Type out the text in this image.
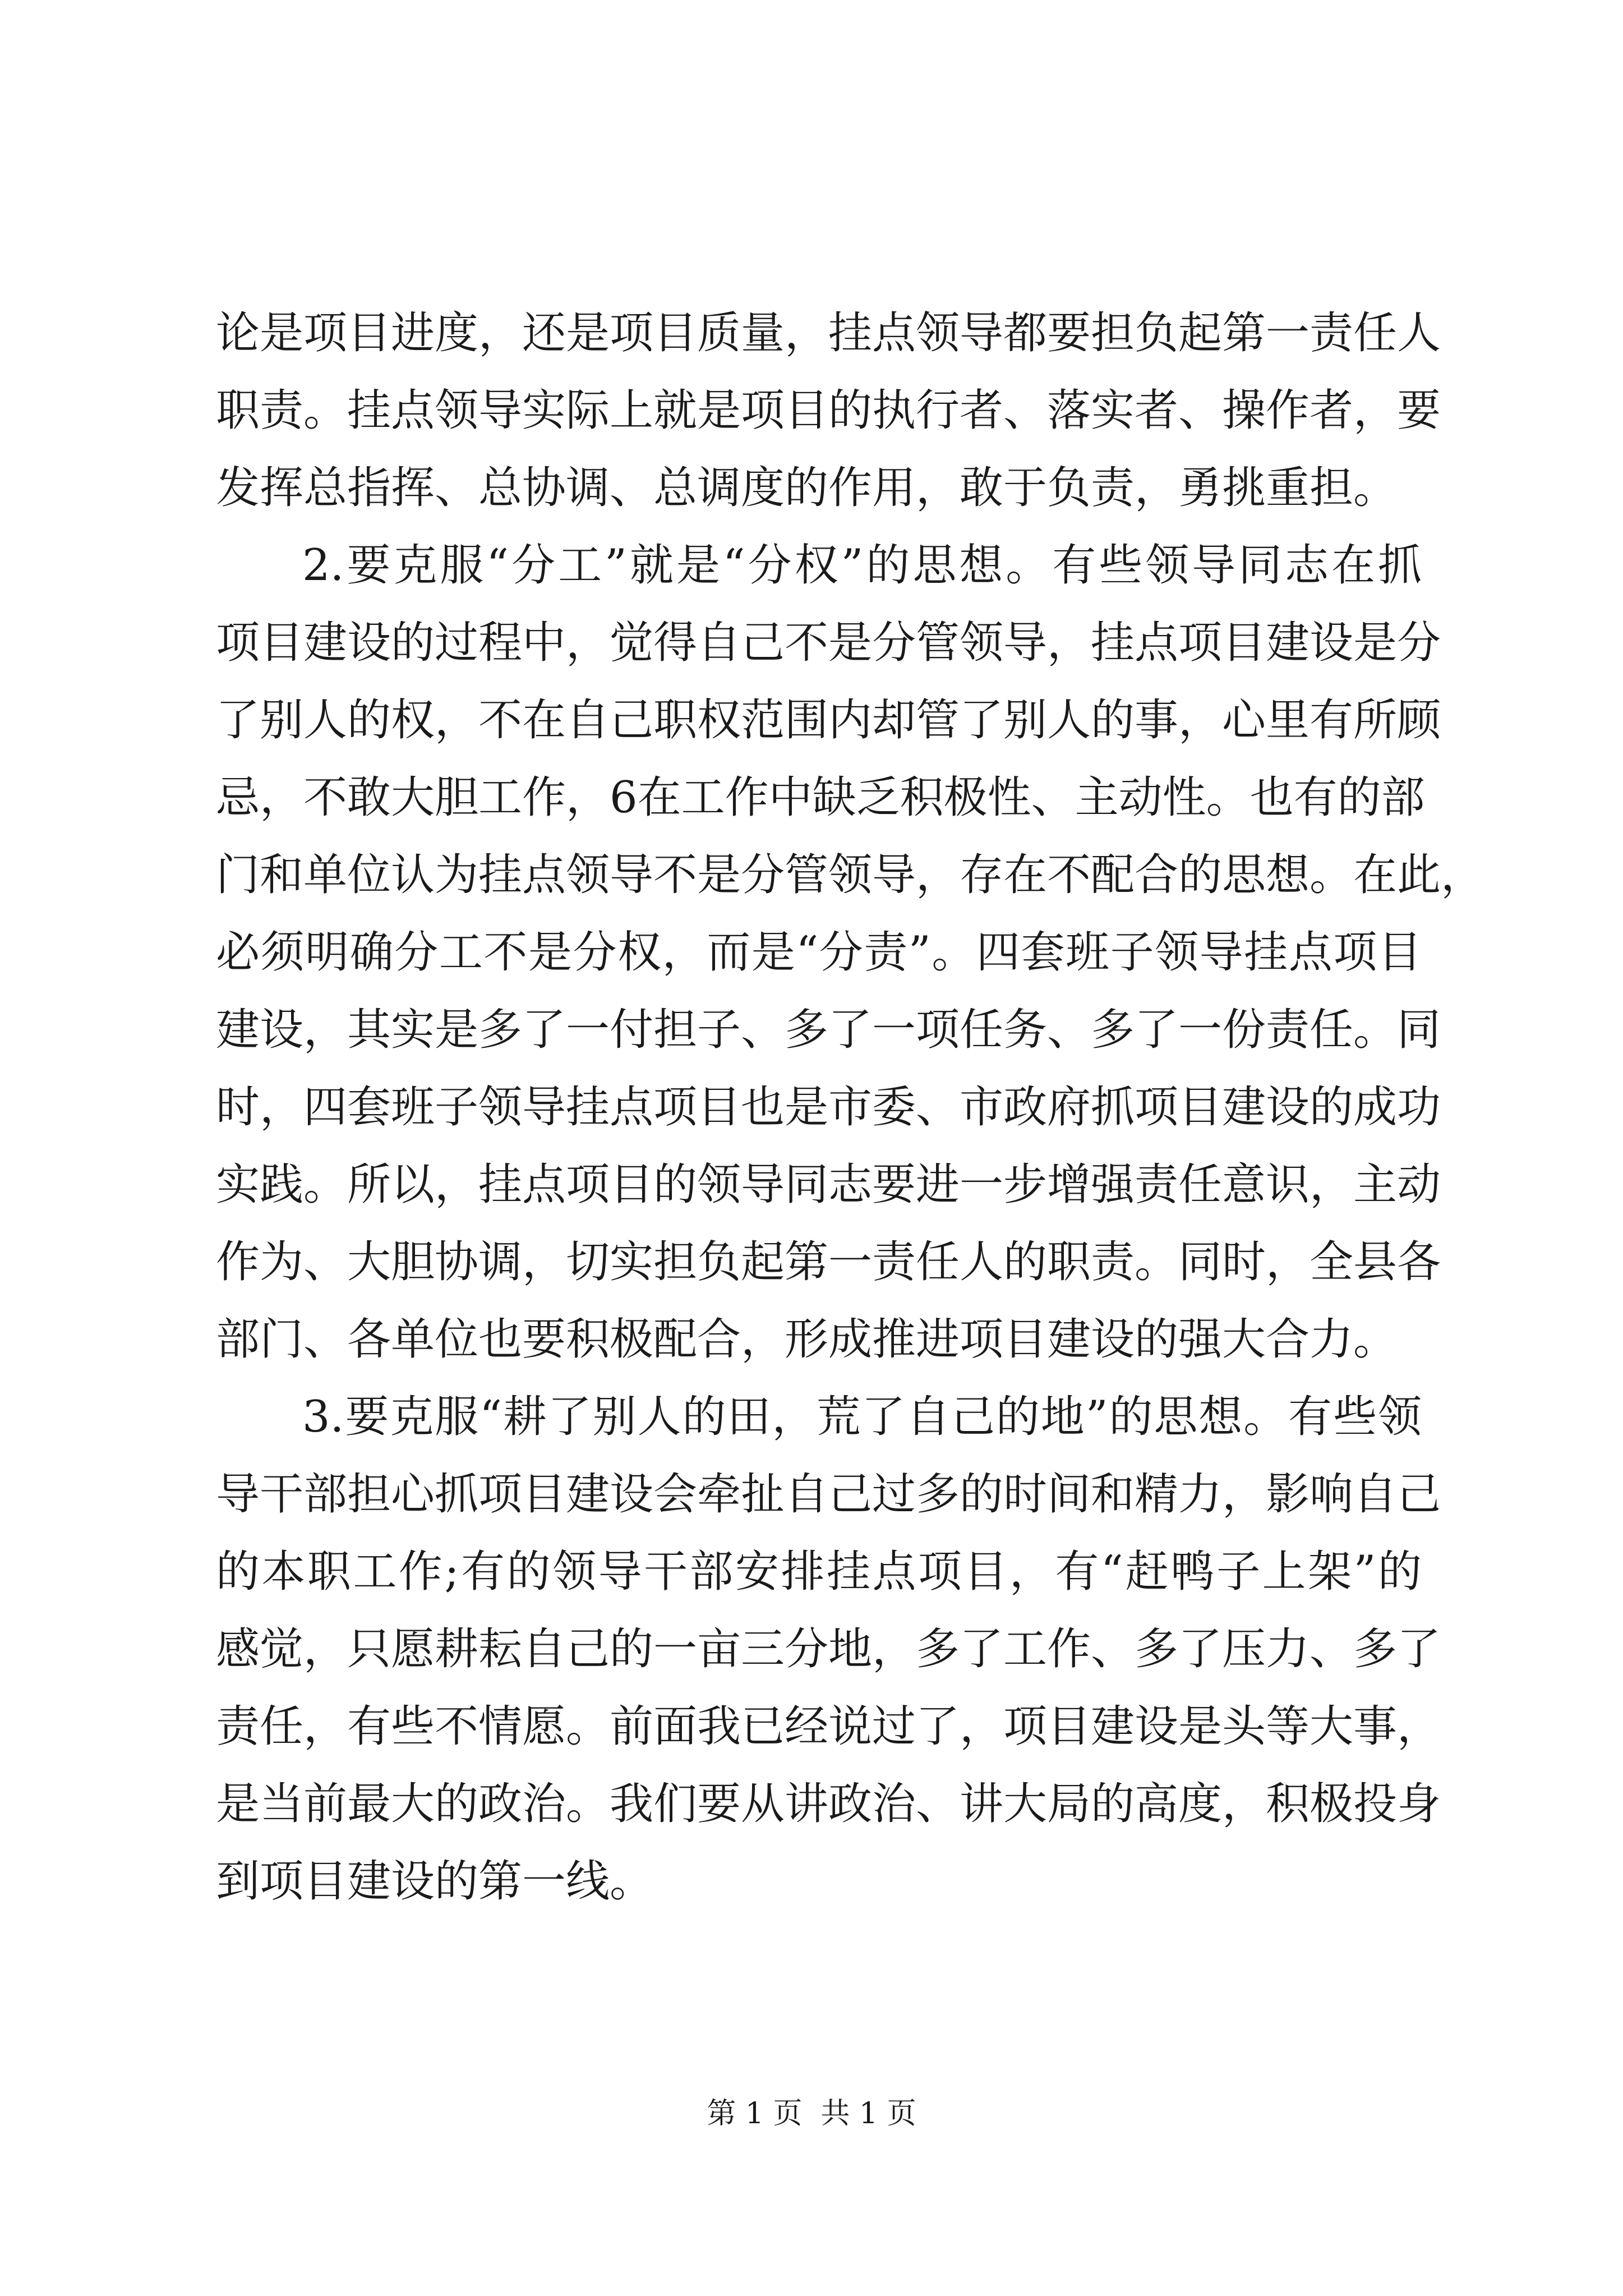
论是项目进度，还是项目质量，挂点领导都要担负起第一责任人
职责。挂点领导实际上就是项目的执行者、落实者、操作者，要
发挥总指挥、总协调、总调度的作用，敢于负责，勇挑重担。
2.要克服“分工”就是“分权”的思想。有些领导同志在抓
项目建设的过程中，觉得自己不是分管领导，挂点项目建设是分
了别人的权，不在自己职权范围内却管了别人的事，心里有所顾
忌，不敢大胆工作，6在工作中缺乏积极性、主动性。也有的部
门和单位认为挂点领导不是分管领导，存在不配合的思想。在此，
必须明确分工不是分权，而是“分责”。四套班子领导挂点项目
建设，其实是多了一付担子、多了一项任务、多了一份责任。同
时，四套班子领导挂点项目也是市委、市政府抓项目建设的成功
实践。所以，挂点项目的领导同志要进一步增强责任意识，主动
作为、大胆协调，切实担负起第一责任人的职责。同时，全县各
部门、各单位也要积极配合，形成推进项目建设的强大合力。
3.要克服“耕了别人的田，荒了自己的地”的思想。有些领
导干部担心抓项目建设会牵扯自己过多的时间和精力，影响自己
的本职工作;有的领导干部安排挂点项目，有“赶鸭子上架”的
感觉，只愿耕耘自己的一亩三分地，多了工作、多了压力、多了
责任，有些不情愿。前面我已经说过了，项目建设是头等大事，
是当前最大的政治。我们要从讲政治、讲大局的高度，积极投身
到项目建设的第一线。
第 1 页  共 1 页
